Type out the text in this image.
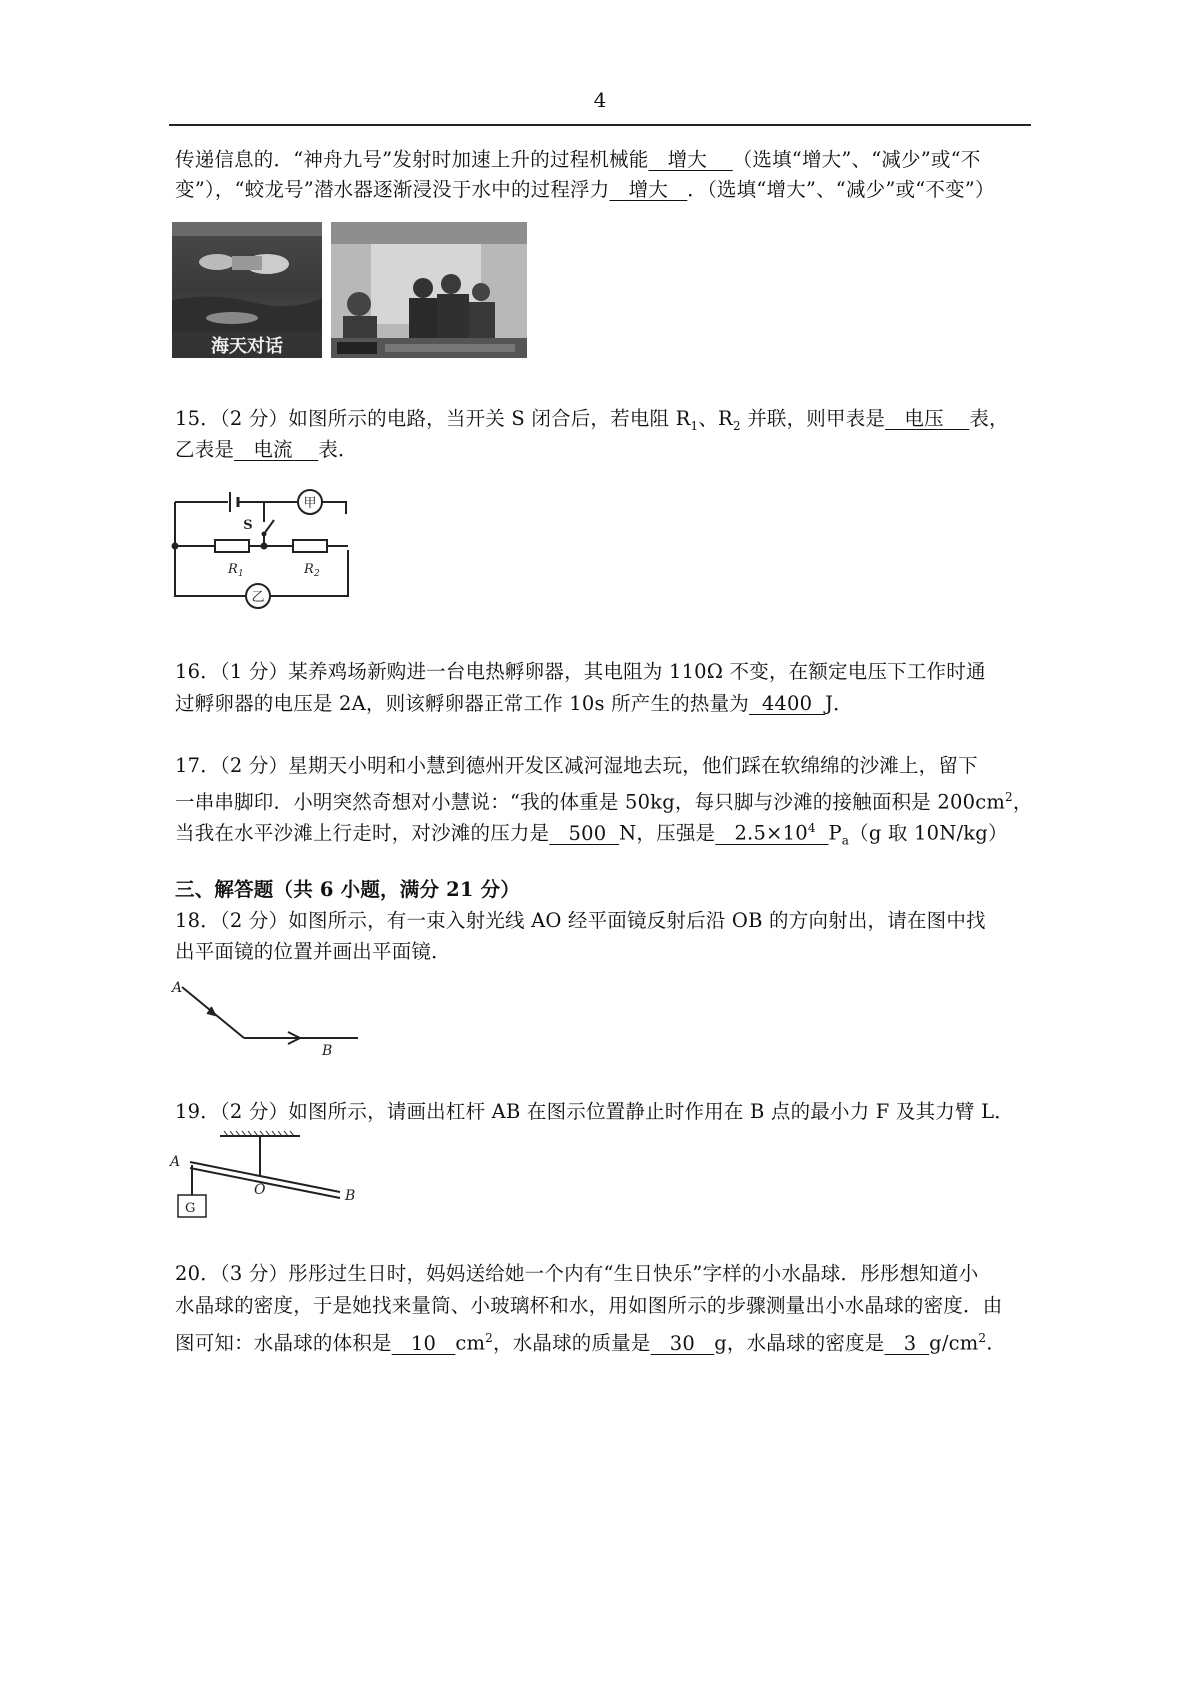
4
传递信息的．“神舟九号”发射时加速上升的过程机械能 增大 （选填“增大”、“减少”或“不
变”），“蛟龙号”潜水器逐渐浸没于水中的过程浮力 增大 ．（选填“增大”、“减少”或“不变”）
海天对话
15．（2 分）如图所示的电路，当开关 S 闭合后，若电阻 $R_1$、$R_2$ 并联，则甲表是 电压 表，
乙表是 电流 表．
甲
乙
S
R 1	R 2
16．（1 分）某养鸡场新购进一台电热孵卵器，其电阻为 110Ω 不变，在额定电压下工作时通
过孵卵器的电压是 2A，则该孵卵器正常工作 10s 所产生的热量为 4400 J．
17．（2 分）星期天小明和小慧到德州开发区减河湿地去玩，他们踩在软绵绵的沙滩上，留下
一串串脚印．小明突然奇想对小慧说：“我的体重是 50kg，每只脚与沙滩的接触面积是 $200cm^2$，
当我在水平沙滩上行走时，对沙滩的压力是 500 N，压强是 $2.5\times 10^4$ $P_a(g$ 取 10N/kg）
三、解答题（共 6 小题，满分 21 分）
18．（2 分）如图所示，有一束入射光线 AO 经平面镜反射后沿 OB 的方向射出，请在图中找
出平面镜的位置并画出平面镜．
A
B
19．（2 分）如图所示，请画出杠杆 AB 在图示位置静止时作用在 B 点的最小力 F 及其力臂 L．
A
O	B
G
20．（3 分）彤彤过生日时，妈妈送给她一个内有“生日快乐”字样的小水晶球．彤彤想知道小
水晶球的密度，于是她找来量筒、小玻璃杯和水，用如图所示的步骤测量出小水晶球的密度．由
图可知：水晶球的体积是 10 $cm^2$，水晶球的质量是 30 g，水晶球的密度是 3 $g/cm^2$.
